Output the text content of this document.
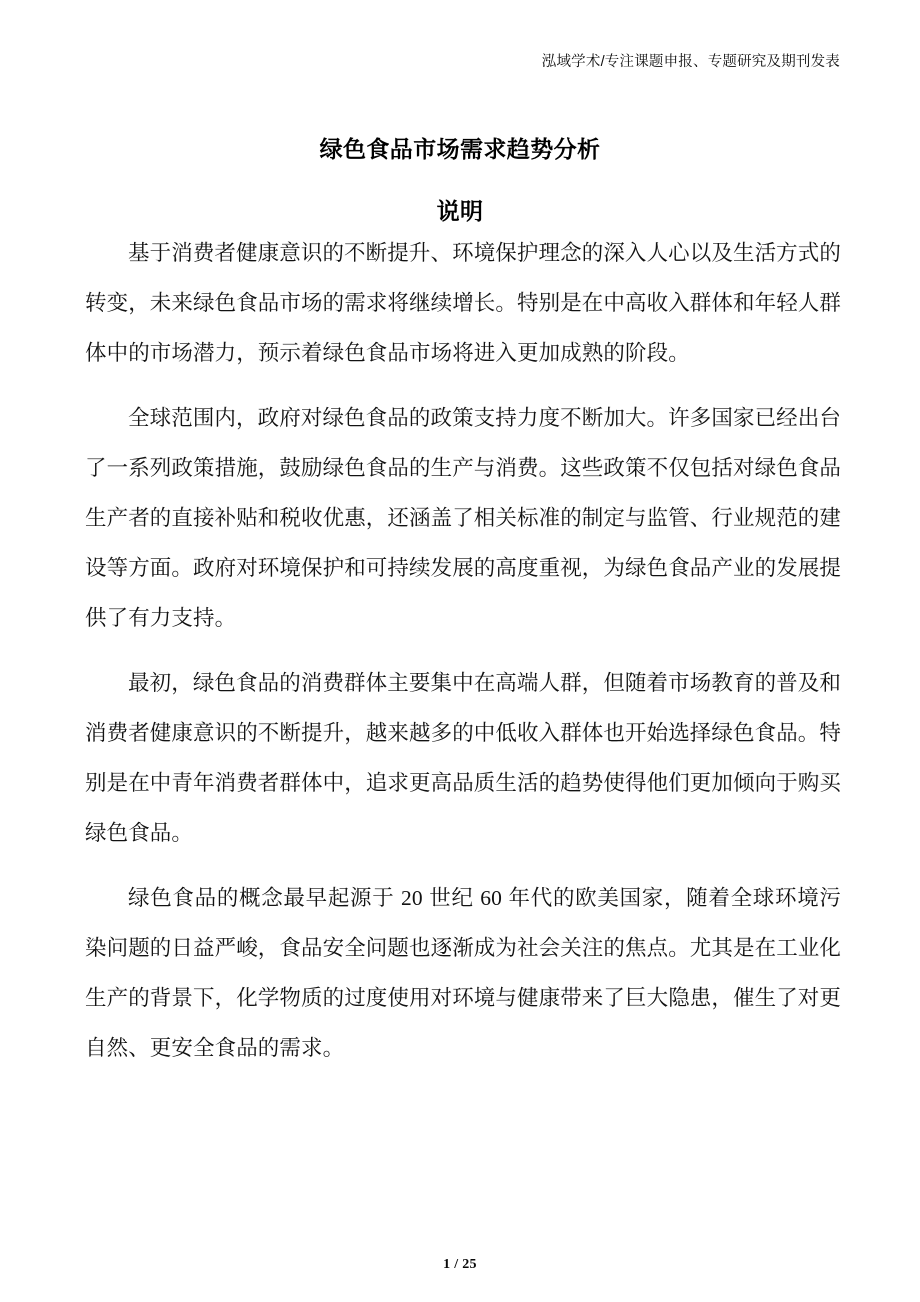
泓域学术/专注课题申报、专题研究及期刊发表
绿色食品市场需求趋势分析
说明

基于消费者健康意识的不断提升、环境保护理念的深入人心以及生活方式的转变，未来绿色食品市场的需求将继续增长。特别是在中高收入群体和年轻人群体中的市场潜力，预示着绿色食品市场将进入更加成熟的阶段。

全球范围内，政府对绿色食品的政策支持力度不断加大。许多国家已经出台了一系列政策措施，鼓励绿色食品的生产与消费。这些政策不仅包括对绿色食品生产者的直接补贴和税收优惠，还涵盖了相关标准的制定与监管、行业规范的建设等方面。政府对环境保护和可持续发展的高度重视，为绿色食品产业的发展提供了有力支持。

最初，绿色食品的消费群体主要集中在高端人群，但随着市场教育的普及和消费者健康意识的不断提升，越来越多的中低收入群体也开始选择绿色食品。特别是在中青年消费者群体中，追求更高品质生活的趋势使得他们更加倾向于购买绿色食品。

绿色食品的概念最早起源于 20 世纪 60 年代的欧美国家，随着全球环境污染问题的日益严峻，食品安全问题也逐渐成为社会关注的焦点。尤其是在工业化生产的背景下，化学物质的过度使用对环境与健康带来了巨大隐患，催生了对更自然、更安全食品的需求。

1 / 25
